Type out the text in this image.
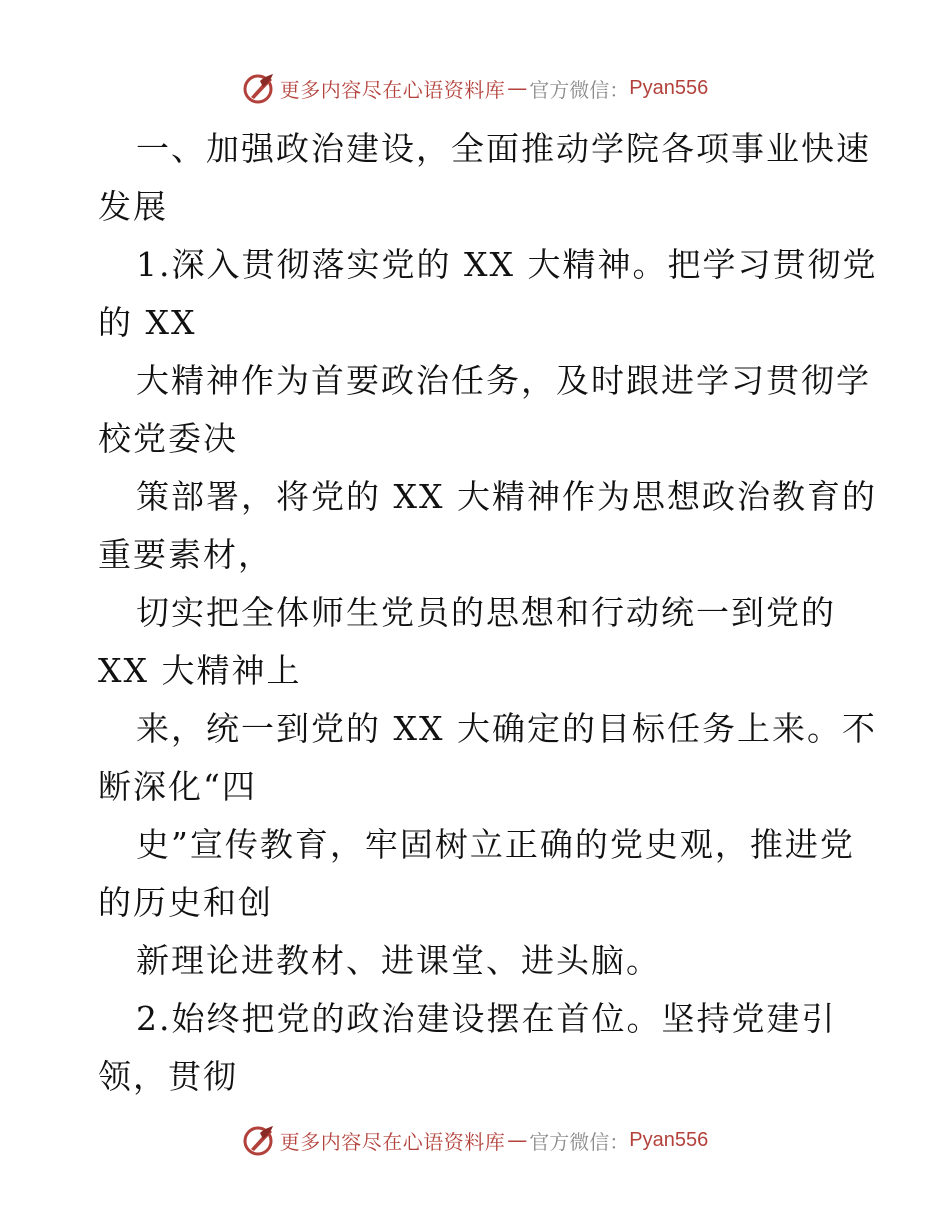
更多内容尽在心语资料库 — 官方微信： Pyan556
一、加强政治建设，全面推动学院各项事业快速
发展
1.深入贯彻落实党的 XX 大精神。把学习贯彻党
的 XX
大精神作为首要政治任务，及时跟进学习贯彻学
校党委决
策部署，将党的 XX 大精神作为思想政治教育的
重要素材，
切实把全体师生党员的思想和行动统一到党的
XX 大精神上
来，统一到党的 XX 大确定的目标任务上来。不
断深化“四
史”宣传教育，牢固树立正确的党史观，推进党
的历史和创
新理论进教材、进课堂、进头脑。
2.始终把党的政治建设摆在首位。坚持党建引
领，贯彻
更多内容尽在心语资料库 — 官方微信： Pyan556
